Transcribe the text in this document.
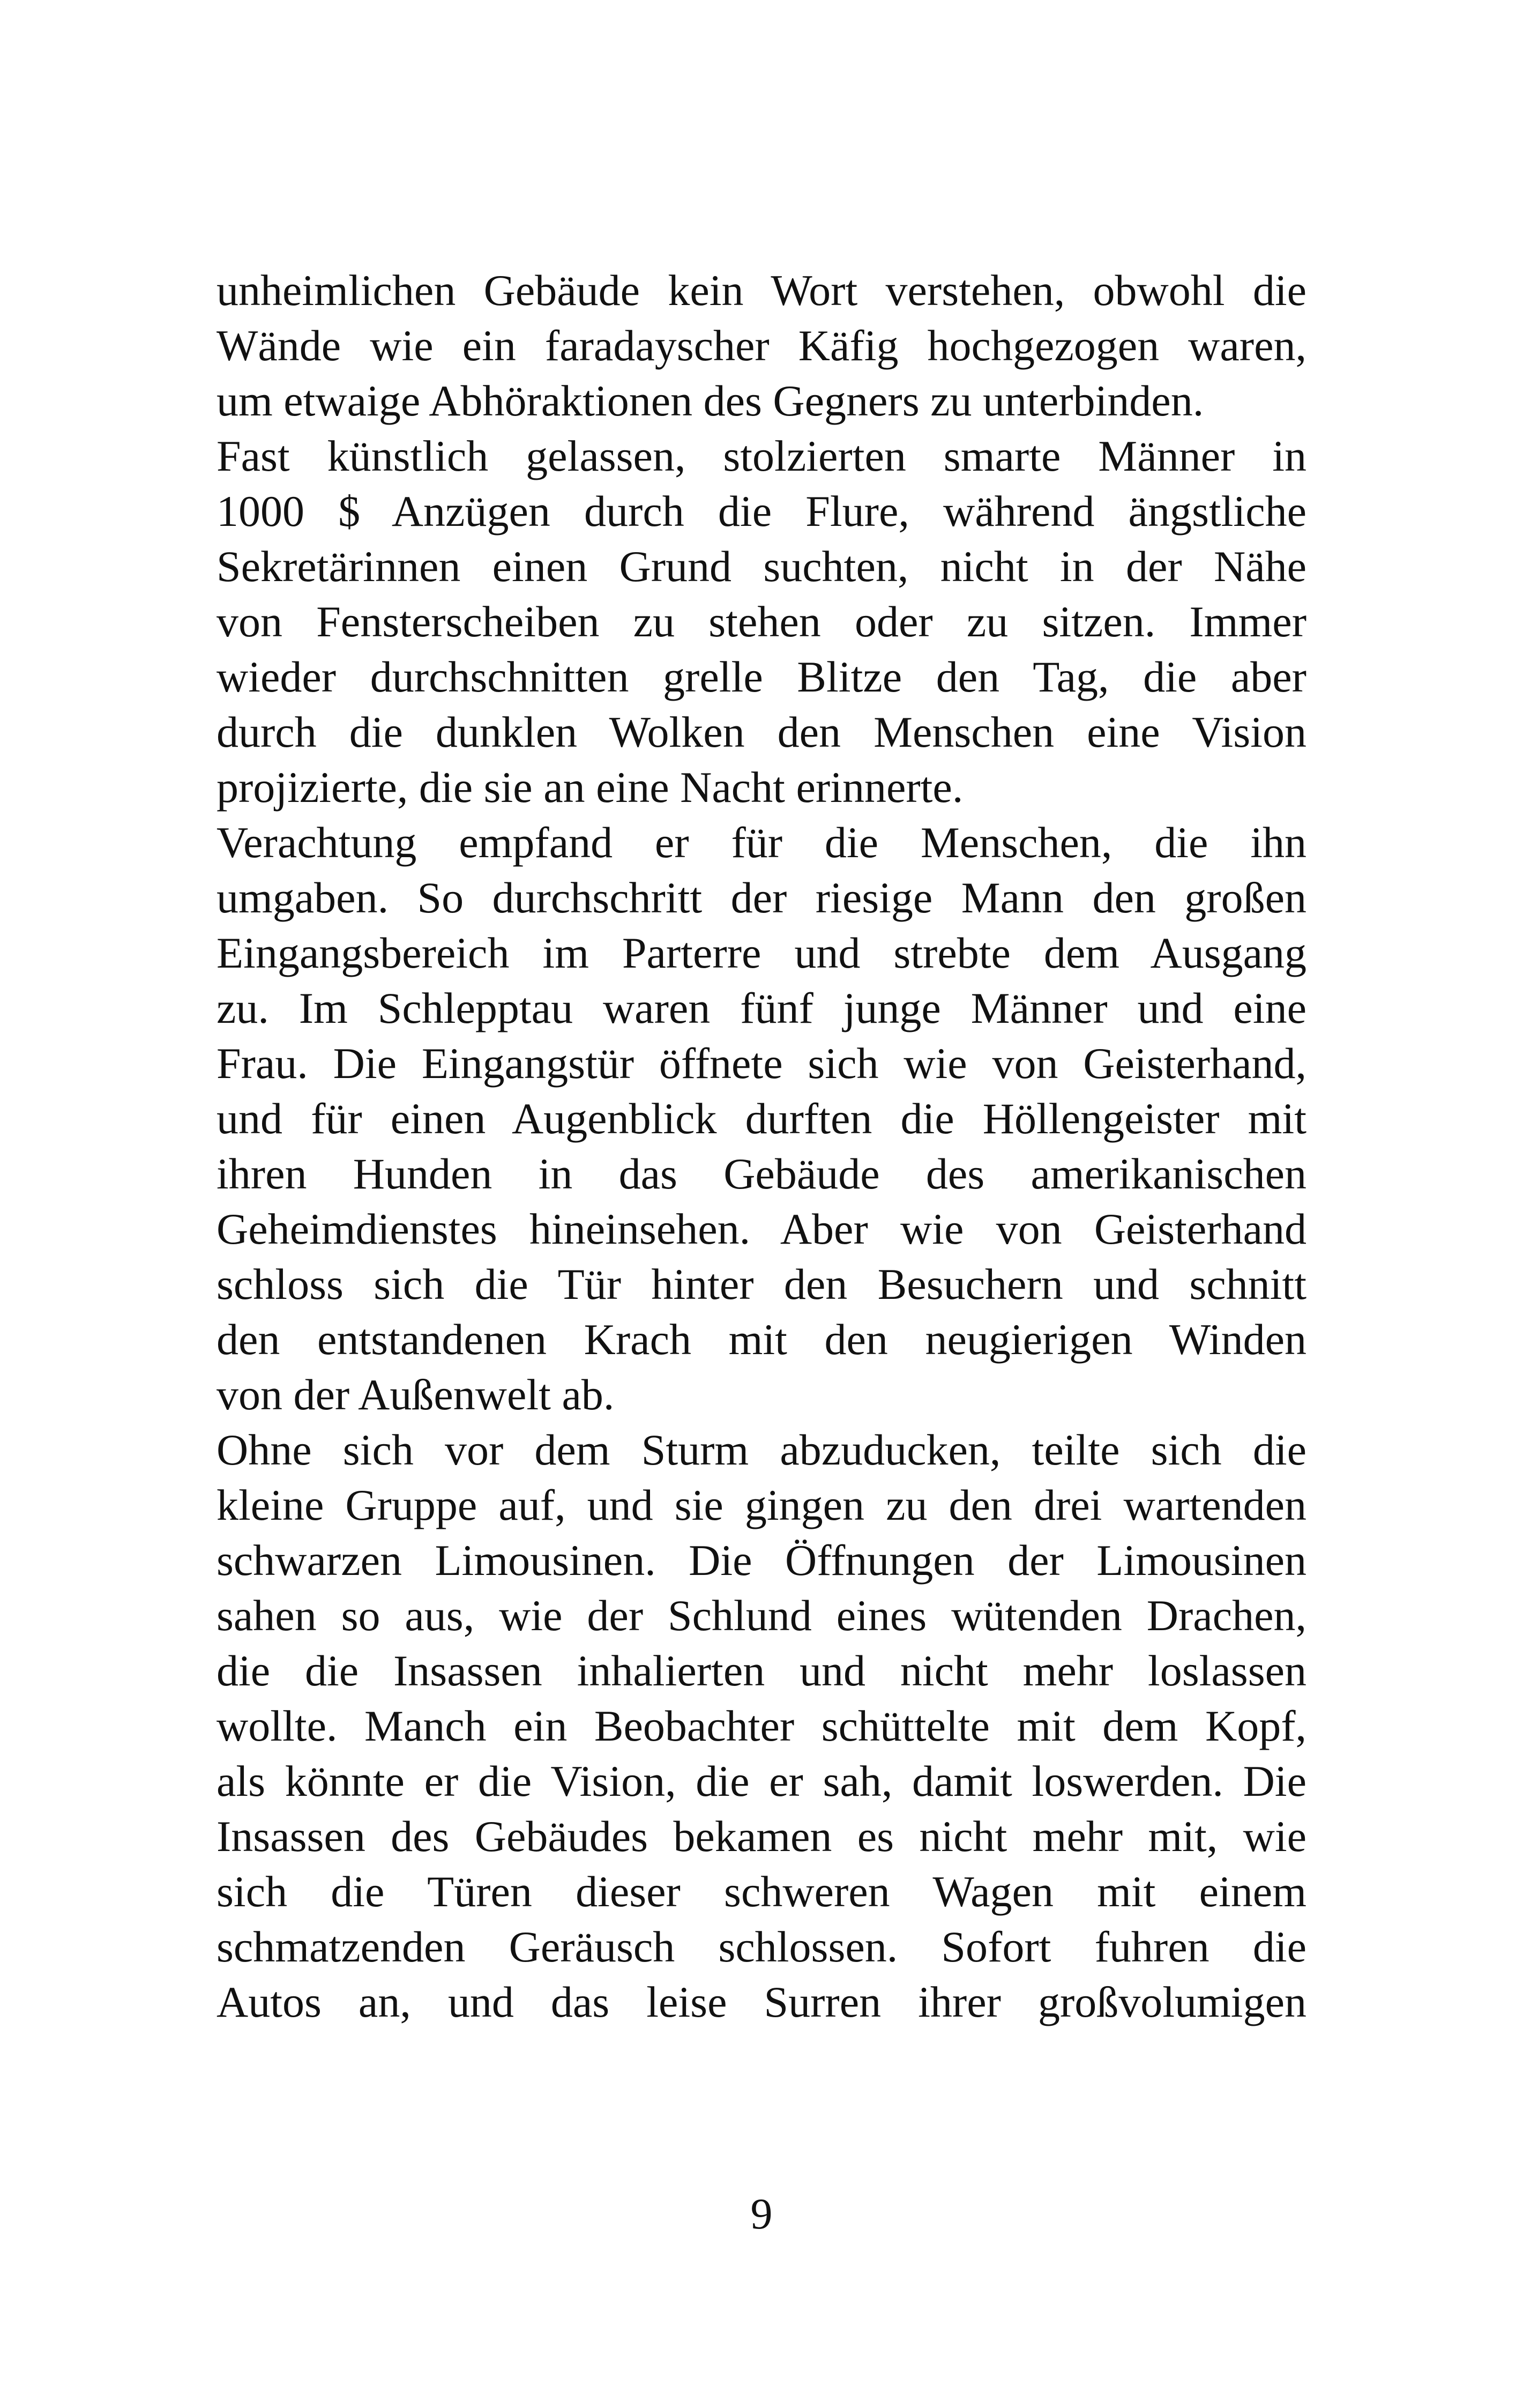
unheimlichen Gebäude kein Wort verstehen, obwohl die
Wände wie ein faradayscher Käfig hochgezogen waren,
um etwaige Abhöraktionen des Gegners zu unterbinden.
Fast künstlich gelassen, stolzierten smarte Männer in
1000 $ Anzügen durch die Flure, während ängstliche
Sekretärinnen einen Grund suchten, nicht in der Nähe
von Fensterscheiben zu stehen oder zu sitzen. Immer
wieder durchschnitten grelle Blitze den Tag, die aber
durch die dunklen Wolken den Menschen eine Vision
projizierte, die sie an eine Nacht erinnerte.
Verachtung empfand er für die Menschen, die ihn
umgaben. So durchschritt der riesige Mann den großen
Eingangsbereich im Parterre und strebte dem Ausgang
zu. Im Schlepptau waren fünf junge Männer und eine
Frau. Die Eingangstür öffnete sich wie von Geisterhand,
und für einen Augenblick durften die Höllengeister mit
ihren Hunden in das Gebäude des amerikanischen
Geheimdienstes hineinsehen. Aber wie von Geisterhand
schloss sich die Tür hinter den Besuchern und schnitt
den entstandenen Krach mit den neugierigen Winden
von der Außenwelt ab.
Ohne sich vor dem Sturm abzuducken, teilte sich die
kleine Gruppe auf, und sie gingen zu den drei wartenden
schwarzen Limousinen. Die Öffnungen der Limousinen
sahen so aus, wie der Schlund eines wütenden Drachen,
die die Insassen inhalierten und nicht mehr loslassen
wollte. Manch ein Beobachter schüttelte mit dem Kopf,
als könnte er die Vision, die er sah, damit loswerden. Die
Insassen des Gebäudes bekamen es nicht mehr mit, wie
sich die Türen dieser schweren Wagen mit einem
schmatzenden Geräusch schlossen. Sofort fuhren die
Autos an, und das leise Surren ihrer großvolumigen
9
